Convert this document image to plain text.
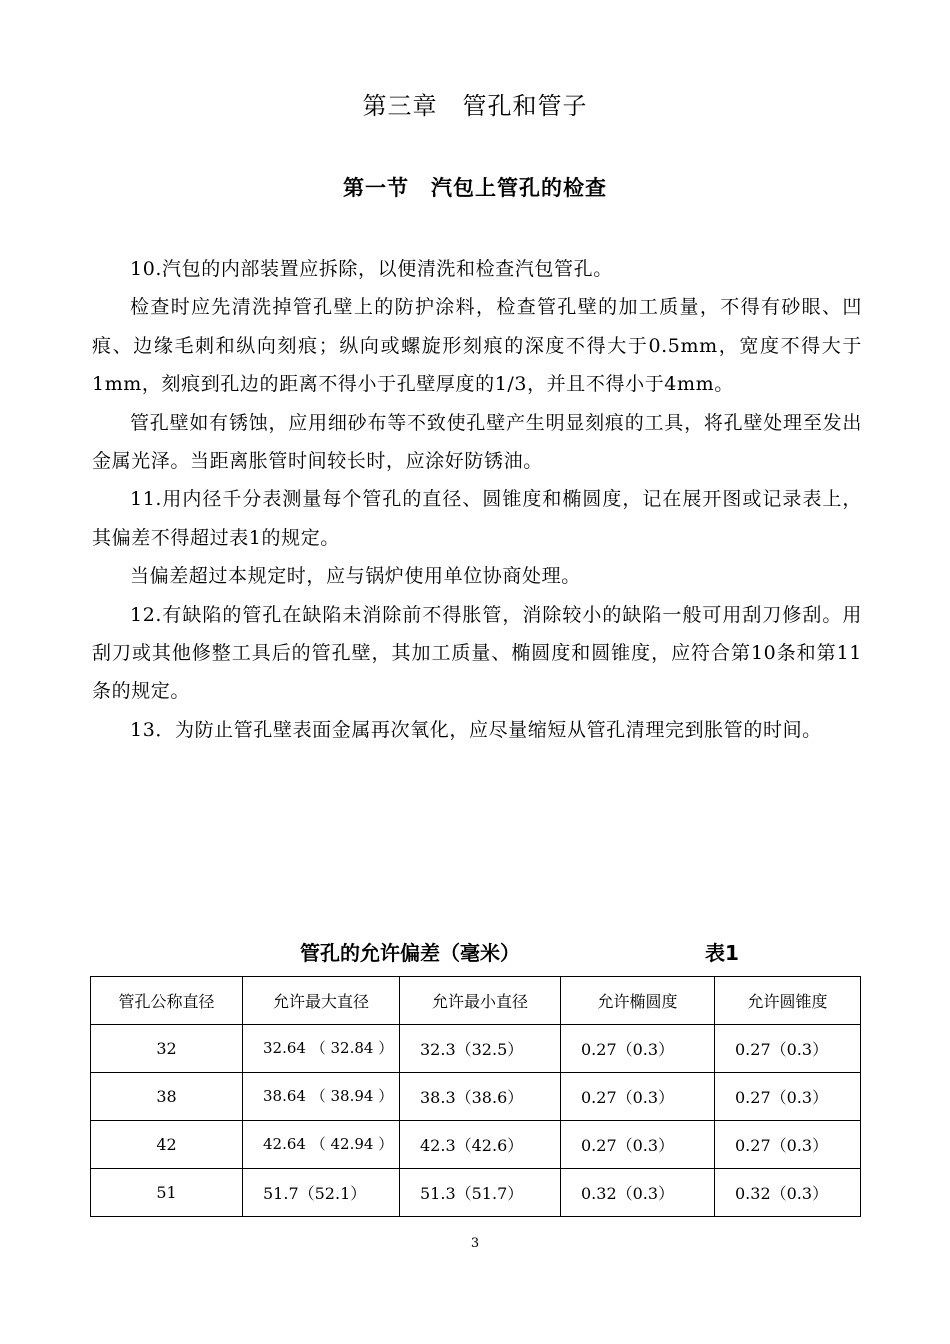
第三章　管孔和管子
第一节　汽包上管孔的检查

10.汽包的内部装置应拆除，以便清洗和检查汽包管孔。

检查时应先清洗掉管孔壁上的防护涂料，检查管孔壁的加工质量，不得有砂眼、凹痕、边缘毛刺和纵向刻痕；纵向或螺旋形刻痕的深度不得大于0.5mm，宽度不得大于1mm，刻痕到孔边的距离不得小于孔壁厚度的1/3，并且不得小于4mm。

管孔壁如有锈蚀，应用细砂布等不致使孔壁产生明显刻痕的工具，将孔壁处理至发出金属光泽。当距离胀管时间较长时，应涂好防锈油。

11.用内径千分表测量每个管孔的直径、圆锥度和椭圆度，记在展开图或记录表上，其偏差不得超过表1的规定。

当偏差超过本规定时，应与锅炉使用单位协商处理。

12.有缺陷的管孔在缺陷未消除前不得胀管，消除较小的缺陷一般可用刮刀修刮。用刮刀或其他修整工具后的管孔壁，其加工质量、椭圆度和圆锥度，应符合第10条和第11条的规定。

13．为防止管孔壁表面金属再次氧化，应尽量缩短从管孔清理完到胀管的时间。

管孔的允许偏差（毫米）	表1
管孔公称直径	允许最大直径	允许最小直径	允许椭圆度	允许圆锥度
32	32.64 （ 32.84 ）	32.3（32.5）	0.27（0.3）	0.27（0.3）
38	38.64 （ 38.94 ）	38.3（38.6）	0.27（0.3）	0.27（0.3）
42	42.64 （ 42.94 ）	42.3（42.6）	0.27（0.3）	0.27（0.3）
51	51.7（52.1）	51.3（51.7）	0.32（0.3）	0.32（0.3）
3
